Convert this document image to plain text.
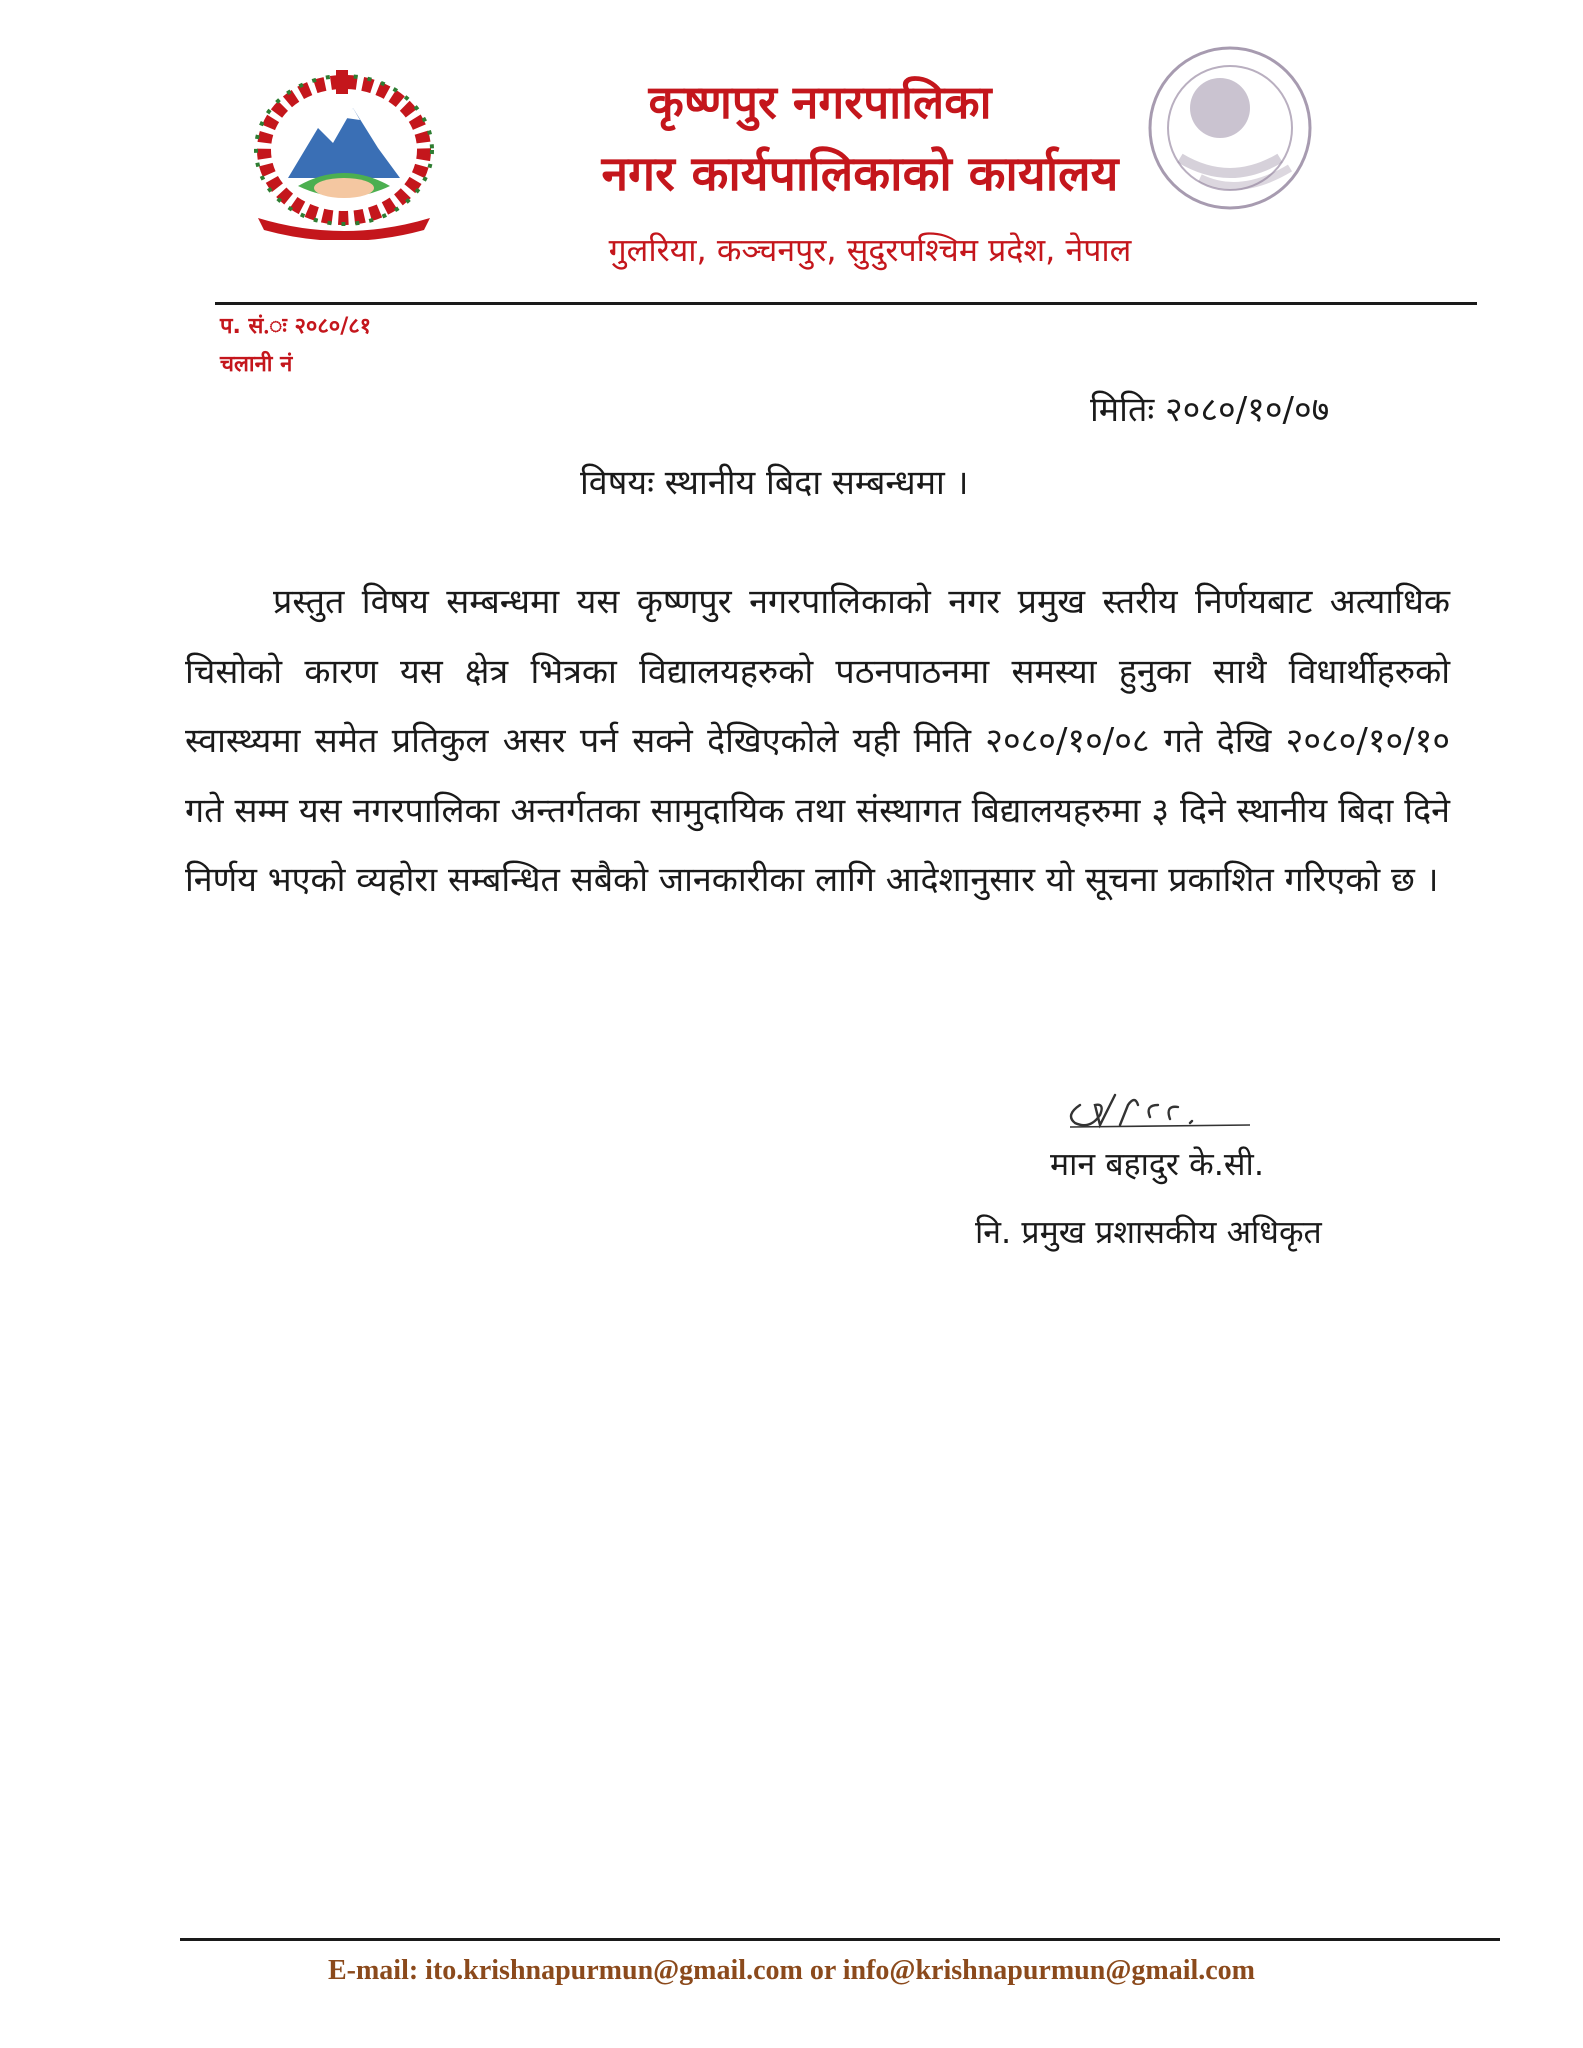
कृष्णपुर नगरपालिका
नगर कार्यपालिकाको कार्यालय
गुलरिया, कञ्चनपुर, सुदुरपश्चिम प्रदेश, नेपाल
प. सं.ः २०८०/८१
चलानी नं
मितिः २०८०/१०/०७
विषयः स्थानीय बिदा सम्बन्धमा ।
प्रस्तुत विषय सम्बन्धमा यस कृष्णपुर नगरपालिकाको नगर प्रमुख स्तरीय निर्णयबाट अत्याधिक चिसोको कारण यस क्षेत्र भित्रका विद्यालयहरुको पठनपाठनमा समस्या हुनुका साथै विधार्थीहरुको स्वास्थ्यमा समेत प्रतिकुल असर पर्न सक्ने देखिएकोले यही मिति २०८०/१०/०८ गते देखि २०८०/१०/१० गते सम्म यस नगरपालिका अन्तर्गतका सामुदायिक तथा संस्थागत बिद्यालयहरुमा ३ दिने स्थानीय बिदा दिने निर्णय भएको व्यहोरा सम्बन्धित सबैको जानकारीका लागि आदेशानुसार यो सूचना प्रकाशित गरिएको छ ।
मान बहादुर के.सी.
नि. प्रमुख प्रशासकीय अधिकृत
E-mail: ito.krishnapurmun@gmail.com or info@krishnapurmun@gmail.com
